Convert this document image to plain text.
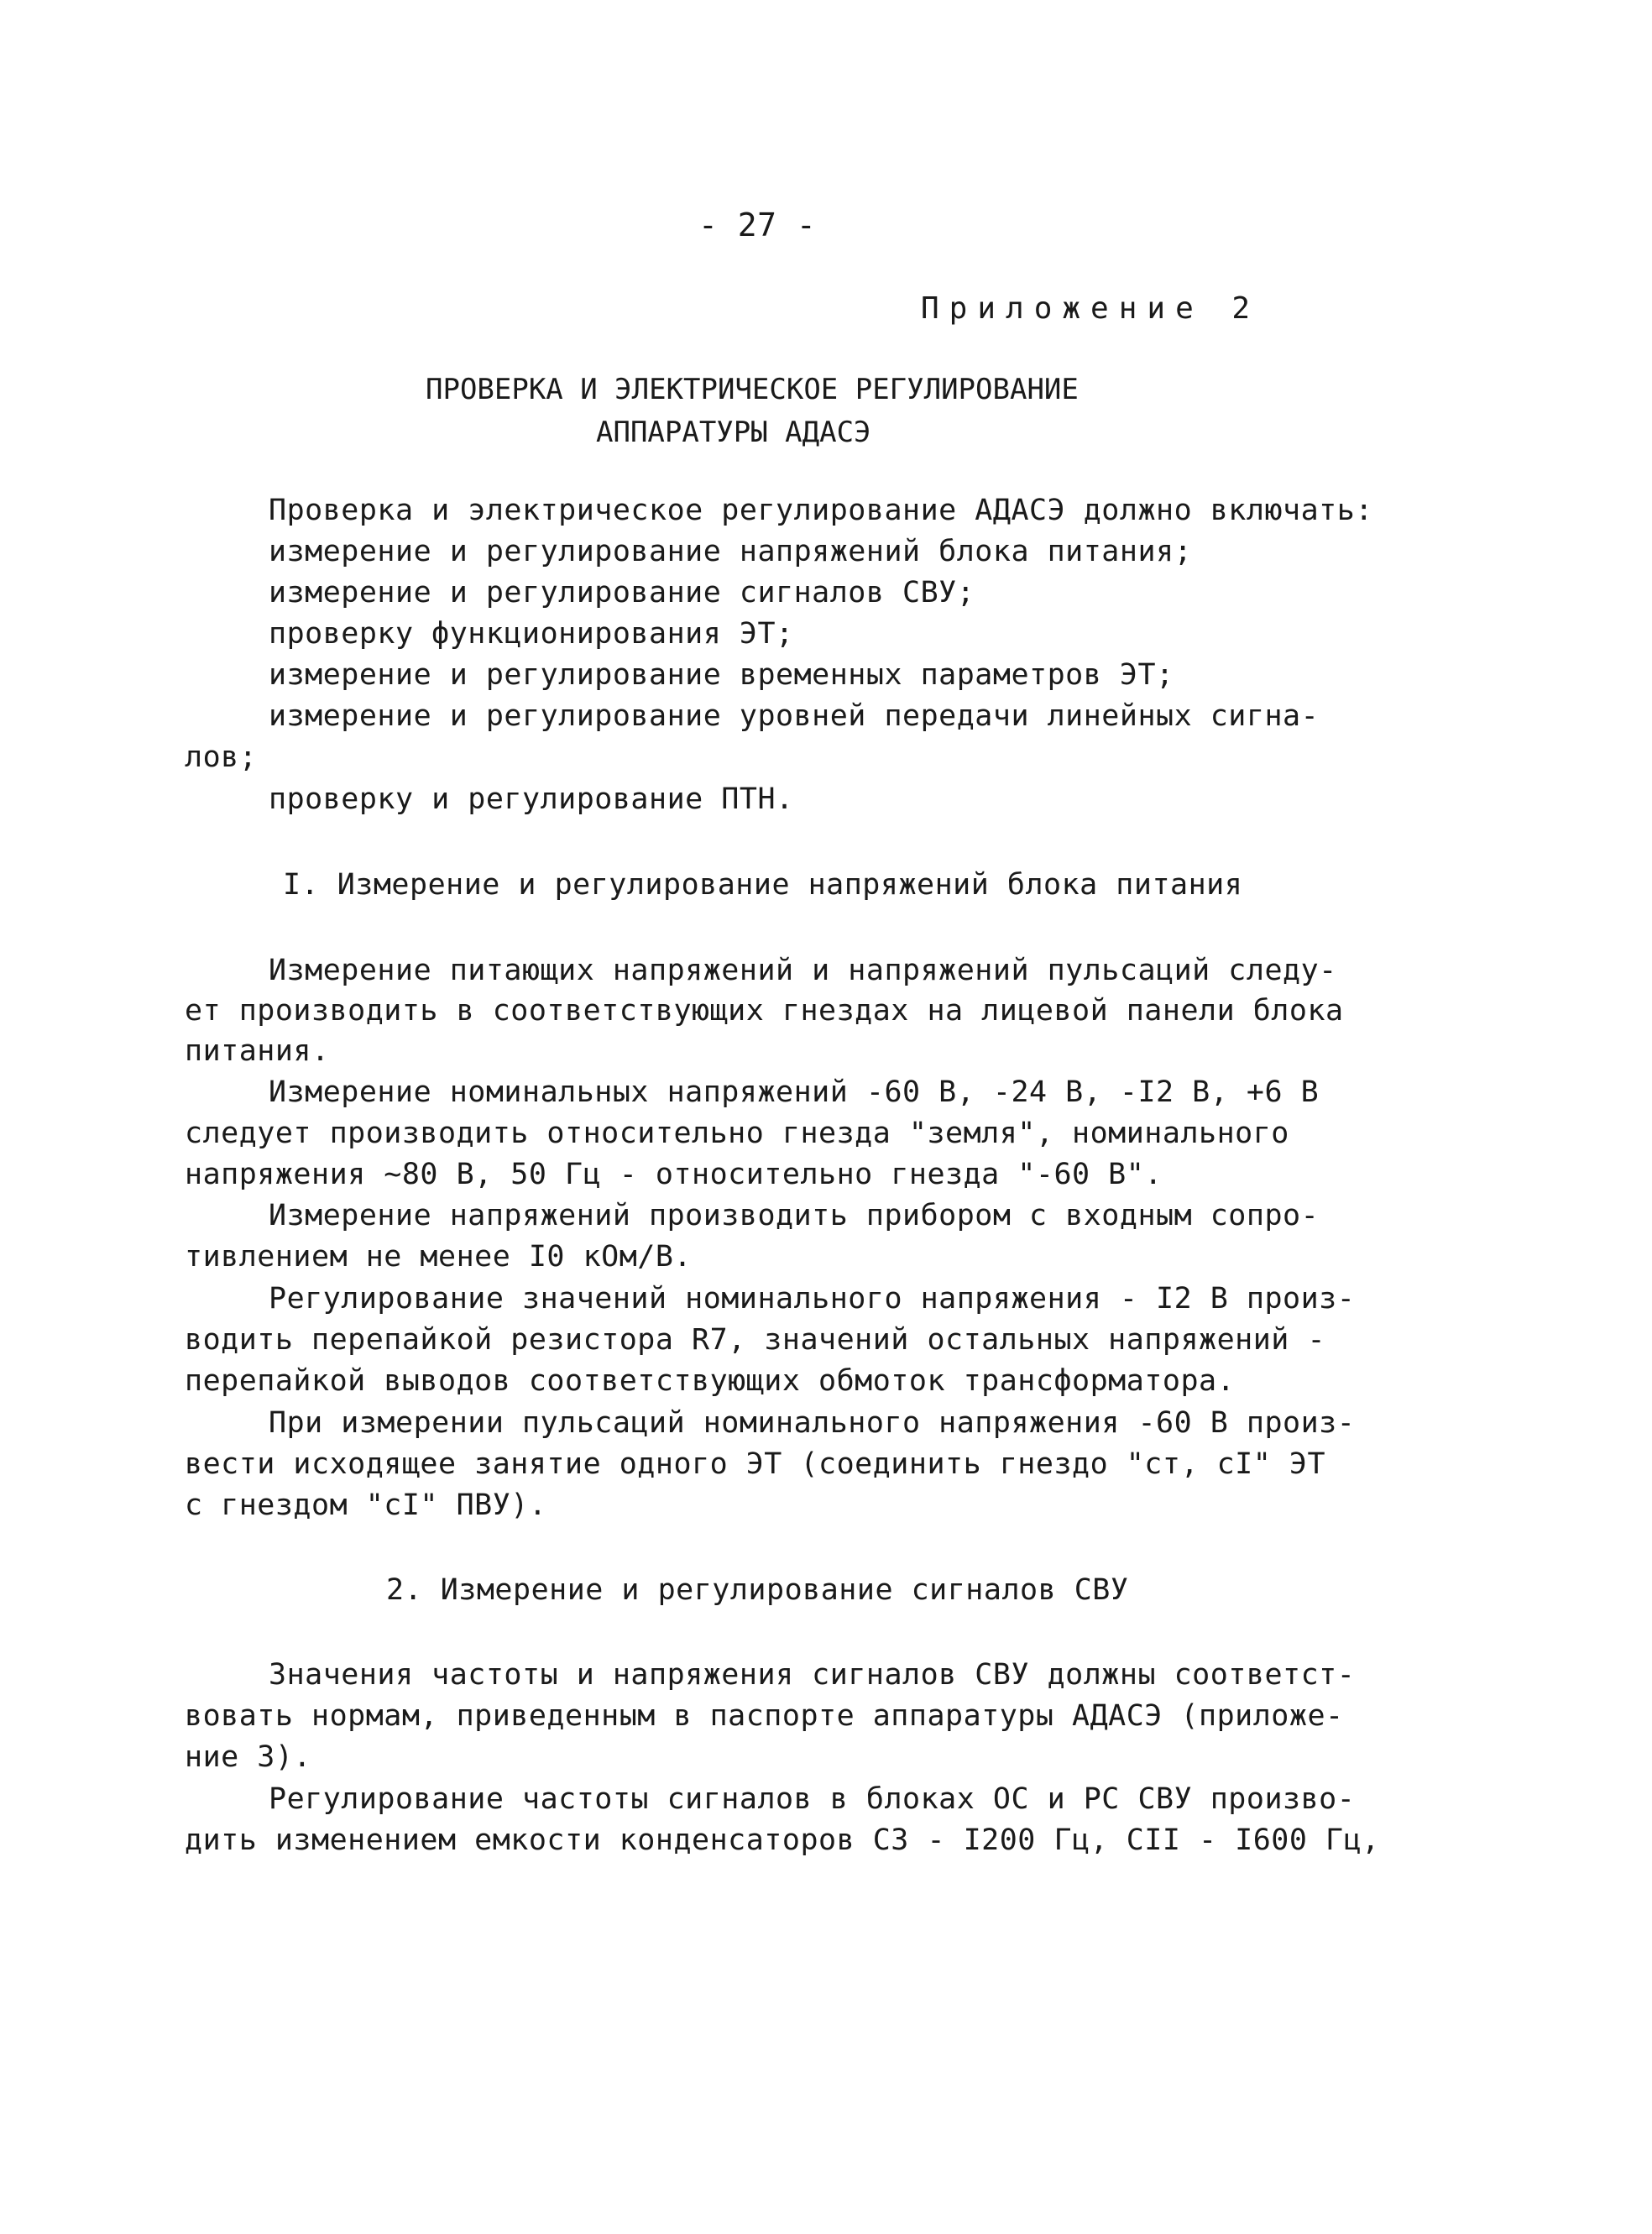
- 27 -
Приложение 2
ПРОВЕРКА И ЭЛЕКТРИЧЕСКОЕ РЕГУЛИРОВАНИЕ
АППАРАТУРЫ АДАСЭ
Проверка и электрическое регулирование АДАСЭ должно включать:
измерение и регулирование напряжений блока питания;
измерение и регулирование сигналов СВУ;
проверку функционирования ЭТ;
измерение и регулирование временных параметров ЭТ;
измерение и регулирование уровней передачи линейных сигна-
лов;
проверку и регулирование ПТН.
I. Измерение и регулирование напряжений блока питания
Измерение питающих напряжений и напряжений пульсаций следу-
ет производить в соответствующих гнездах на лицевой панели блока
питания.
Измерение номинальных напряжений -60 В, -24 В, -I2 В, +6 В
следует производить относительно гнезда "земля", номинального
напряжения ~80 В, 50 Гц - относительно гнезда "-60 В".
Измерение напряжений производить прибором с входным сопро-
тивлением не менее I0 кОм/В.
Регулирование значений номинального напряжения - I2 В произ-
водить перепайкой резистора R7, значений остальных напряжений -
перепайкой выводов соответствующих обмоток трансформатора.
При измерении пульсаций номинального напряжения -60 В произ-
вести исходящее занятие одного ЭТ (соединить гнездо "ст, сI" ЭТ
с гнездом "сI" ПВУ).
2. Измерение и регулирование сигналов СВУ
Значения частоты и напряжения сигналов СВУ должны соответст-
вовать нормам, приведенным в паспорте аппаратуры АДАСЭ (приложе-
ние 3).
Регулирование частоты сигналов в блоках ОС и РС СВУ произво-
дить изменением емкости конденсаторов С3 - I200 Гц, СII - I600 Гц,
